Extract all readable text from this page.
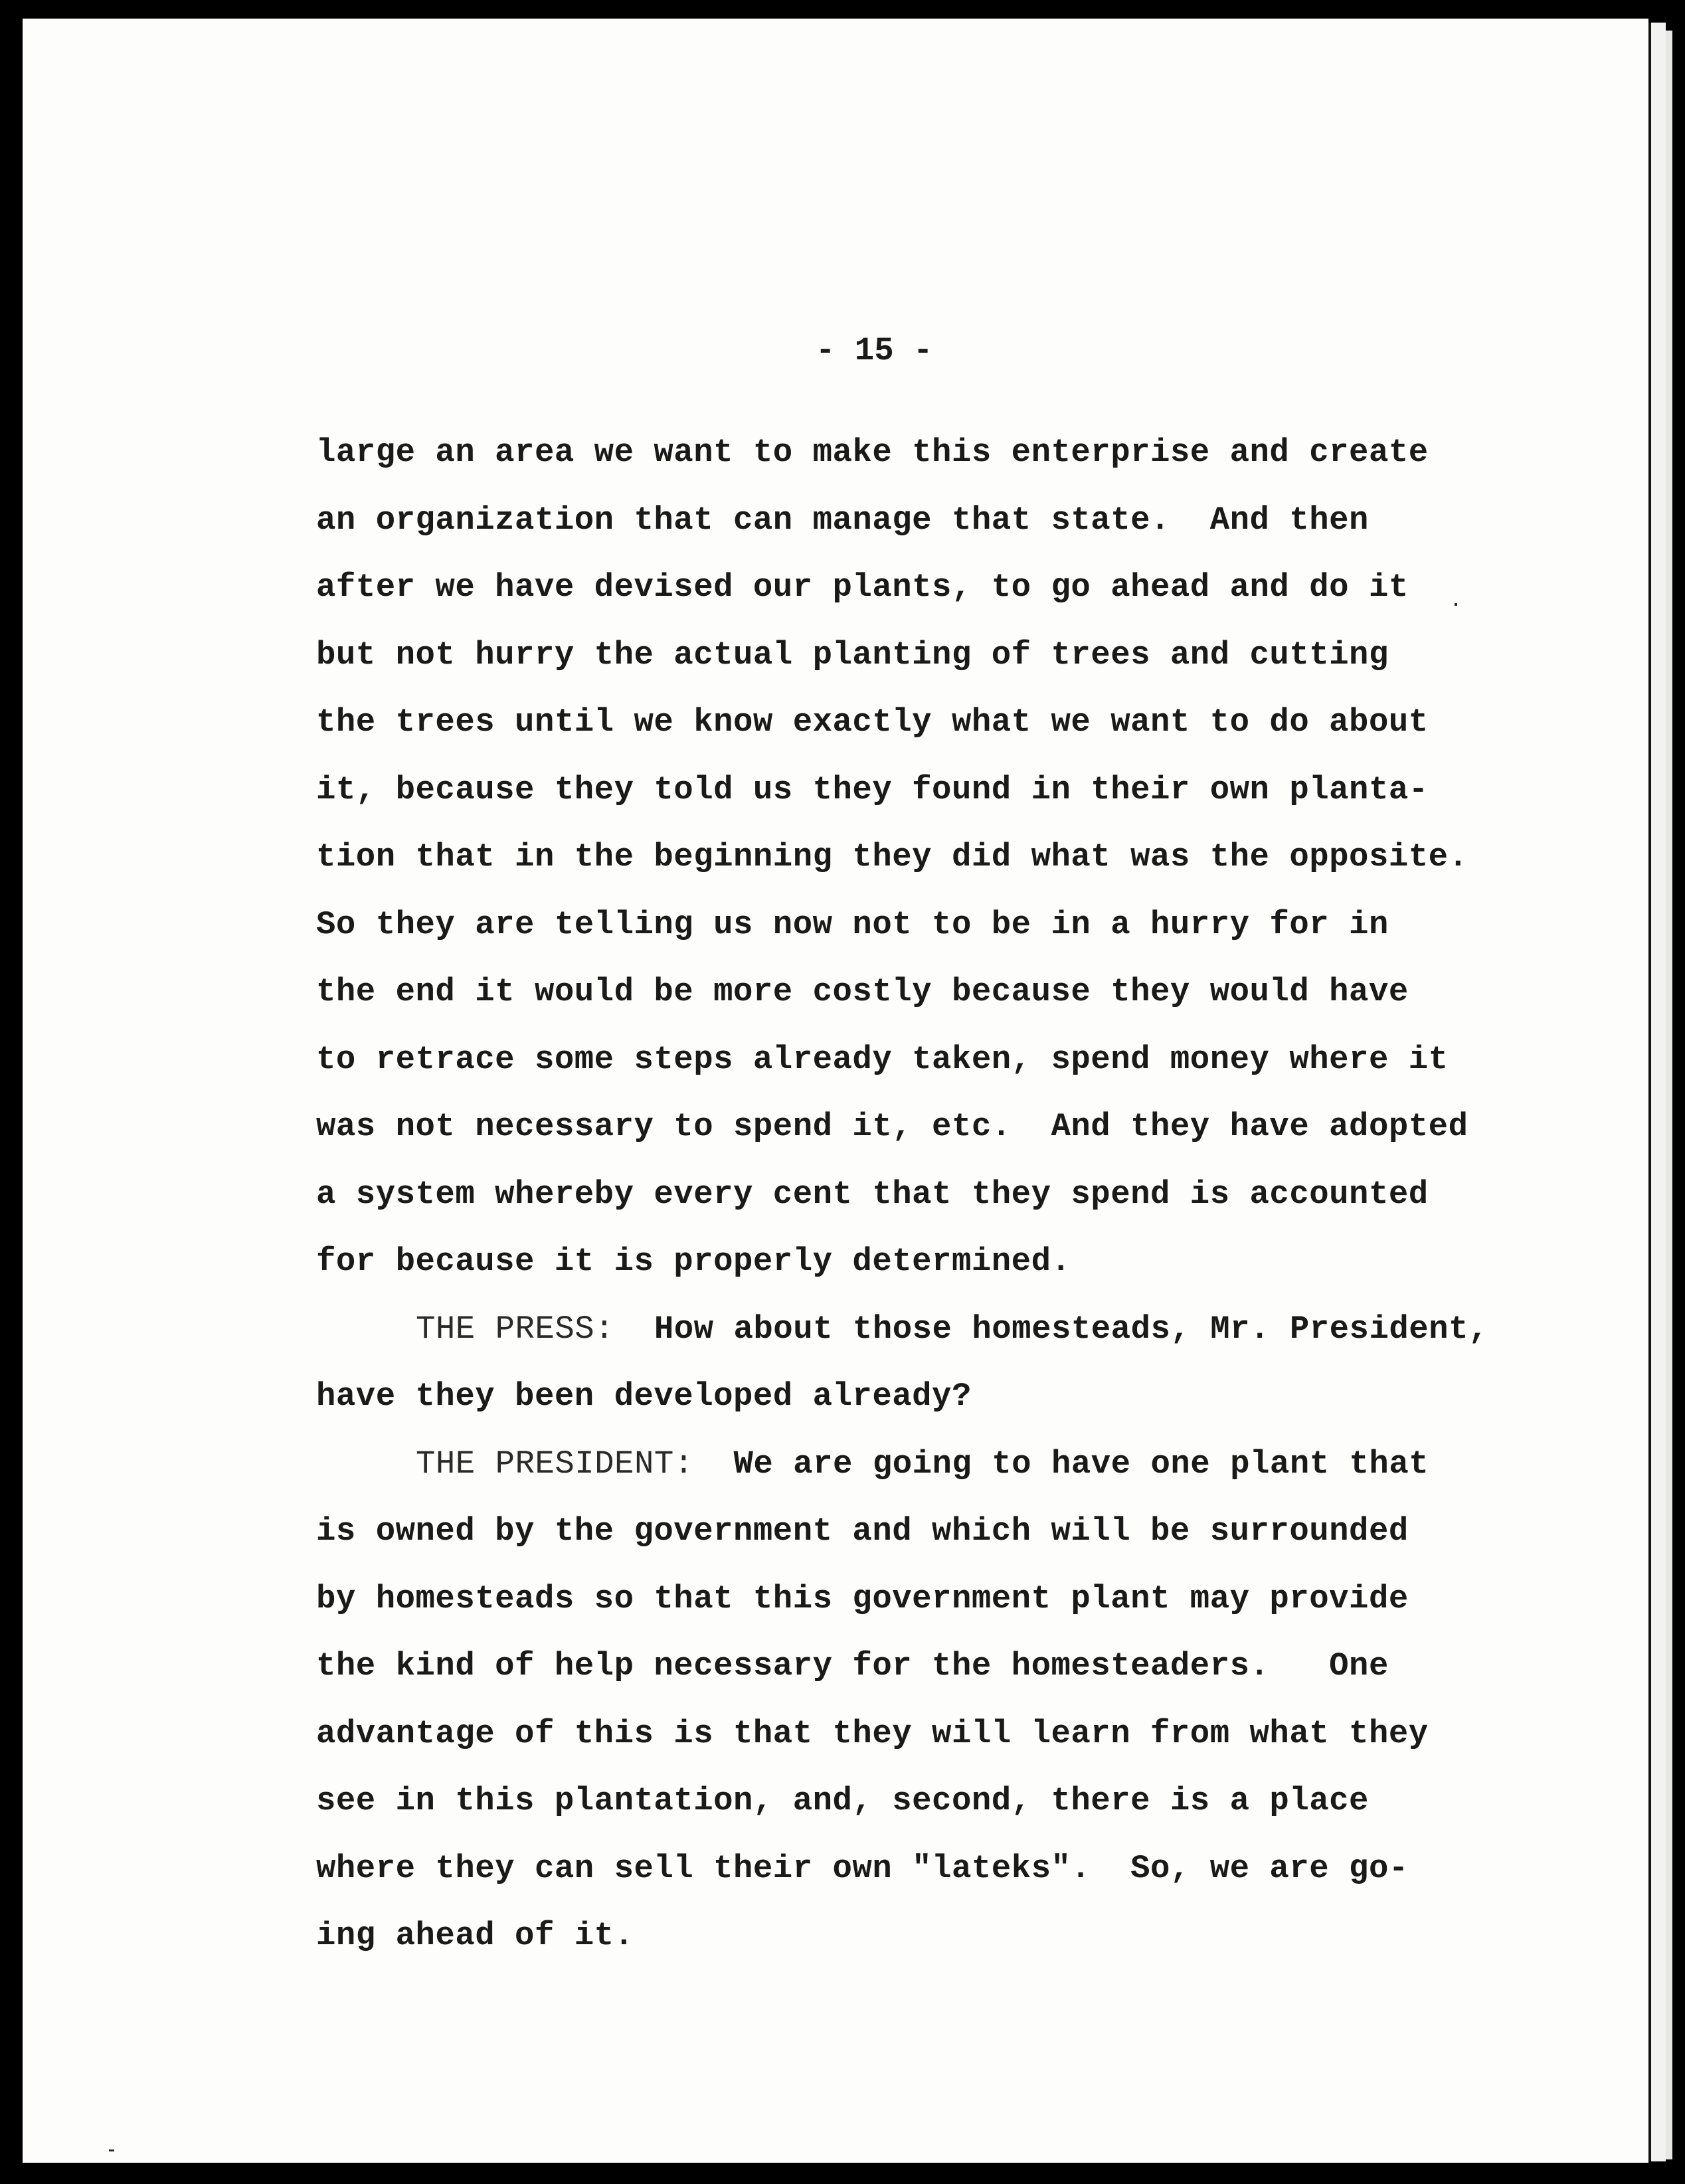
- 15 -
large an area we want to make this enterprise and create
an organization that can manage that state.  And then
after we have devised our plants, to go ahead and do it
but not hurry the actual planting of trees and cutting
the trees until we know exactly what we want to do about
it, because they told us they found in their own planta-
tion that in the beginning they did what was the opposite.
So they are telling us now not to be in a hurry for in
the end it would be more costly because they would have
to retrace some steps already taken, spend money where it
was not necessary to spend it, etc.  And they have adopted
a system whereby every cent that they spend is accounted
for because it is properly determined.
THE PRESS:  How about those homesteads, Mr. President,
have they been developed already?
THE PRESIDENT:  We are going to have one plant that
is owned by the government and which will be surrounded
by homesteads so that this government plant may provide
the kind of help necessary for the homesteaders.   One
advantage of this is that they will learn from what they
see in this plantation, and, second, there is a place
where they can sell their own "lateks".  So, we are go-
ing ahead of it.
